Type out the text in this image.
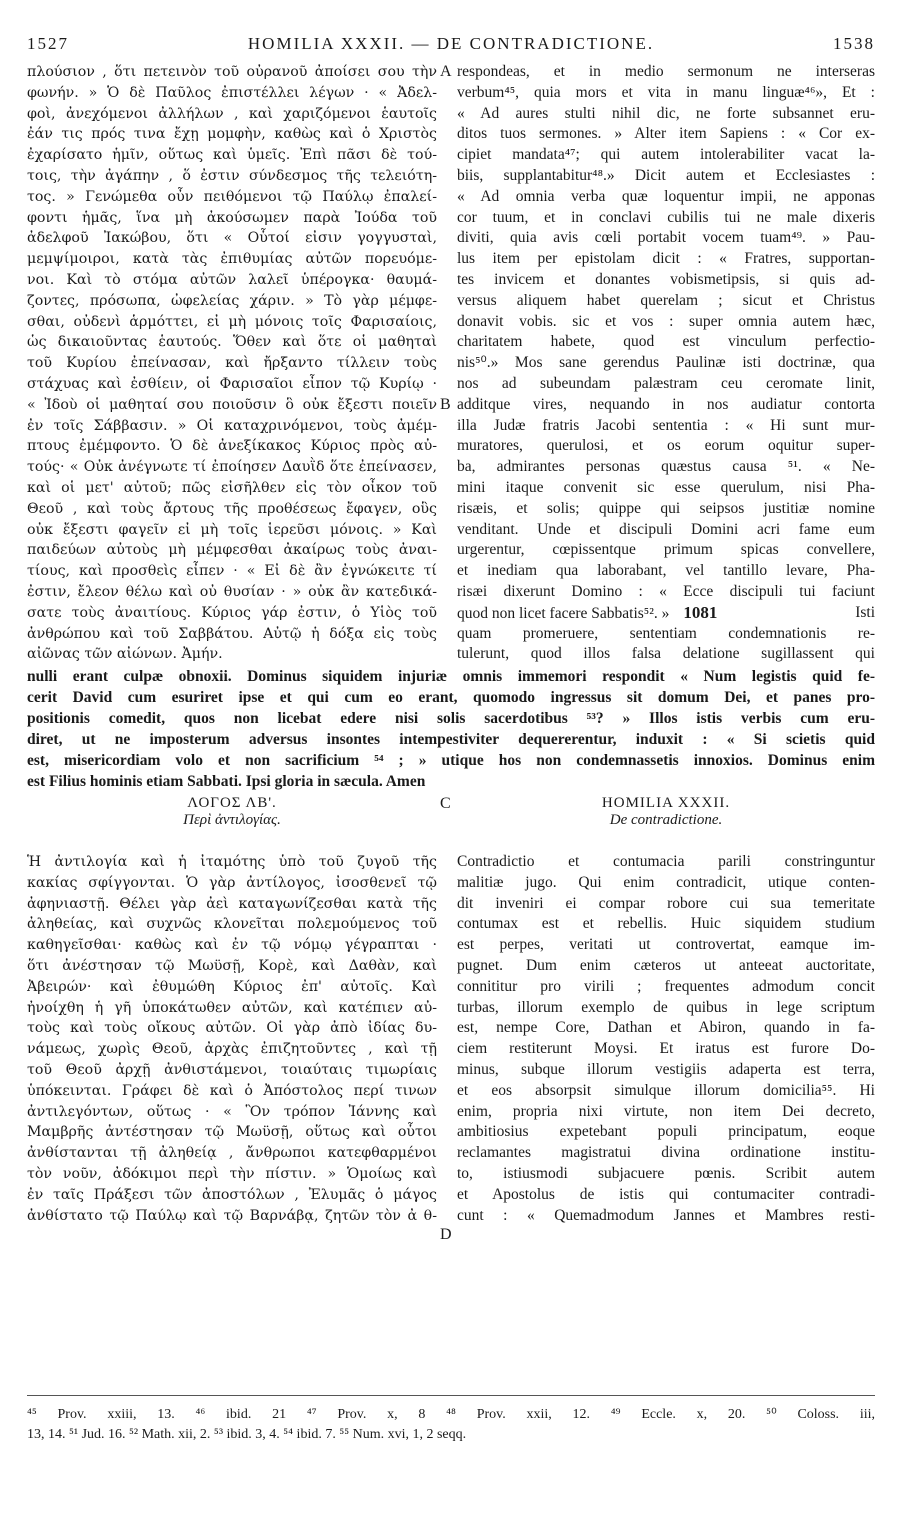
1527	HOMILIA XXXII. — DE CONTRADICTIONE.	1538
πλούσιον , ὅτι πετεινὸν τοῦ οὐρανοῦ ἀποίσει σου τὴν
φωνήν. » Ὁ δὲ Παῦλος ἐπιστέλλει λέγων · « Ἀδελ-
φοὶ, ἀνεχόμενοι ἀλλήλων , καὶ χαριζόμενοι ἑαυτοῖς
ἐάν τις πρός τινα ἔχῃ μομφὴν, καθὼς καὶ ὁ Χριστὸς
ἐχαρίσατο ἡμῖν, οὕτως καὶ ὑμεῖς. Ἐπὶ πᾶσι δὲ τού-
τοις, τὴν ἀγάπην , ὅ ἐστιν σύνδεσμος τῆς τελειότη-
τος. » Γενώμεθα οὖν πειθόμενοι τῷ Παύλῳ ἐπαλεί-
φοντι ἡμᾶς, ἵνα μὴ ἀκούσωμεν παρὰ Ἰούδα τοῦ
ἀδελφοῦ Ἰακώβου, ὅτι « Οὗτοί εἰσιν γογγυσταὶ,
μεμψίμοιροι, κατὰ τὰς ἐπιθυμίας αὐτῶν πορευόμε-
νοι. Καὶ τὸ στόμα αὐτῶν λαλεῖ ὑπέρογκα· θαυμά-
ζοντες, πρόσωπα, ὠφελείας χάριν. » Τὸ γὰρ μέμφε-
σθαι, οὐδενὶ ἁρμόττει, εἰ μὴ μόνοις τοῖς Φαρισαίοις,
ὡς δικαιοῦντας ἑαυτούς. Ὅθεν καὶ ὅτε οἱ μαθηταὶ
τοῦ Κυρίου ἐπείνασαν, καὶ ἤρξαντο τίλλειν τοὺς
στάχυας καὶ ἐσθίειν, οἱ Φαρισαῖοι εἶπον τῷ Κυρίῳ ·
« Ἰδοὺ οἱ μαθηταί σου ποιοῦσιν ὃ οὐκ ἔξεστι ποιεῖν
ἐν τοῖς Σάββασιν. » Οἱ καταχρινόμενοι, τοὺς ἀμέμ-
πτους ἐμέμφοντο. Ὁ δὲ ἀνεξίκακος Κύριος πρὸς αὐ-
τούς· « Οὐκ ἀνέγνωτε τί ἐποίησεν Δαυῒδ ὅτε ἐπείνασεν,
καὶ οἱ μετ' αὐτοῦ; πῶς εἰσῆλθεν εἰς τὸν οἶκον τοῦ
Θεοῦ , καὶ τοὺς ἄρτους τῆς προθέσεως ἔφαγεν, οὓς
οὐκ ἔξεστι φαγεῖν εἰ μὴ τοῖς ἱερεῦσι μόνοις. » Καὶ
παιδεύων αὐτοὺς μὴ μέμφεσθαι ἀκαίρως τοὺς ἀναι-
τίους, καὶ προσθεὶς εἶπεν · « Εἰ δὲ ἂν ἐγνώκειτε τί
ἐστιν, ἔλεον θέλω καὶ οὐ θυσίαν · » οὐκ ἂν κατεδικά-
σατε τοὺς ἀναιτίους. Κύριος γάρ ἐστιν, ὁ Υἱὸς τοῦ
ἀνθρώπου καὶ τοῦ Σαββάτου. Αὐτῷ ἡ δόξα εἰς τοὺς
αἰῶνας τῶν αἰώνων. Ἀμήν.
respondeas, et in medio sermonum ne interseras
verbum⁴⁵, quia mors et vita in manu linguæ⁴⁶», Et :
« Ad aures stulti nihil dic, ne forte subsannet eru-
ditos tuos sermones. » Alter item Sapiens : « Cor ex-
cipiet mandata⁴⁷; qui autem intolerabiliter vacat la-
biis, supplantabitur⁴⁸.» Dicit autem et Ecclesiastes :
« Ad omnia verba quæ loquentur impii, ne apponas
cor tuum, et in conclavi cubilis tui ne male dixeris
diviti, quia avis cœli portabit vocem tuam⁴⁹. » Pau-
lus item per epistolam dicit : « Fratres, supportan-
tes invicem et donantes vobismetipsis, si quis ad-
versus aliquem habet querelam ; sicut et Christus
donavit vobis. sic et vos : super omnia autem hæc,
charitatem habete, quod est vinculum perfectio-
nis⁵⁰.» Mos sane gerendus Paulinæ isti doctrinæ, qua
nos ad subeundam palæstram ceu ceromate linit,
additque vires, nequando in nos audiatur contorta
illa Judæ fratris Jacobi sententia : « Hi sunt mur-
muratores, querulosi, et os eorum oquitur super-
ba, admirantes personas quæstus causa ⁵¹. « Ne-
mini itaque convenit sic esse querulum, nisi Pha-
risæis, et solis; quippe qui seipsos justitiæ nomine
venditant. Unde et discipuli Domini acri fame eum
urgerentur, cœpissentque primum spicas convellere,
et inediam qua laborabant, vel tantillo levare, Pha-
risæi dixerunt Domino : « Ecce discipuli tui faciunt
quod non licet facere Sabbatis⁵². » 1081	Isti
quam promeruere, sententiam condemnationis re-
tulerunt, quod illos falsa delatione sugillassent qui
A
B
nulli erant culpæ obnoxii. Dominus siquidem injuriæ omnis immemori respondit « Num legistis quid fe-
cerit David cum esuriret ipse et qui cum eo erant, quomodo ingressus sit domum Dei, et panes pro-
positionis comedit, quos non licebat edere nisi solis sacerdotibus ⁵³? » Illos istis verbis cum eru-
diret, ut ne imposterum adversus insontes intempestiviter dequererentur, induxit : « Si scietis quid
est, misericordiam volo et non sacrificium ⁵⁴ ; » utique hos non condemnassetis innoxios. Dominus enim
est Filius hominis etiam Sabbati. Ipsi gloria in sæcula. Amen
ΛΟΓΟΣ ΛΒ'.
Περὶ ἀντιλογίας.
C	HOMILIA XXXII.
De contradictione.
Ἡ ἀντιλογία καὶ ἡ ἰταμότης ὑπὸ τοῦ ζυγοῦ τῆς
κακίας σφίγγονται. Ὁ γὰρ ἀντίλογος, ἰσοσθενεῖ τῷ
ἀφηνιαστῇ. Θέλει γὰρ ἀεὶ καταγωνίζεσθαι κατὰ τῆς
ἀληθείας, καὶ συχνῶς κλονεῖται πολεμούμενος τοῦ
καθηγεῖσθαι· καθὼς καὶ ἐν τῷ νόμῳ γέγραπται ·
ὅτι ἀνέστησαν τῷ Μωϋσῇ, Κορὲ, καὶ Δαθὰν, καὶ
Ἀβειρών· καὶ ἐθυμώθη Κύριος ἐπ' αὐτοῖς. Καὶ
ἠνοίχθη ἡ γῆ ὑποκάτωθεν αὐτῶν, καὶ κατέπιεν αὐ-
τοὺς καὶ τοὺς οἴκους αὐτῶν. Οἱ γὰρ ἀπὸ ἰδίας δυ-
νάμεως, χωρὶς Θεοῦ, ἀρχὰς ἐπιζητοῦντες , καὶ τῇ
τοῦ Θεοῦ ἀρχῇ ἀνθιστάμενοι, τοιαύταις τιμωρίαις
ὑπόκεινται. Γράφει δὲ καὶ ὁ Ἀπόστολος περί τινων
ἀντιλεγόντων, οὕτως · « Ὃν τρόπον Ἰάννης καὶ
Μαμβρῆς ἀντέστησαν τῷ Μωϋσῇ, οὕτως καὶ οὗτοι
ἀνθίστανται τῇ ἀληθείᾳ , ἄνθρωποι κατεφθαρμένοι
τὸν νοῦν, ἀδόκιμοι περὶ τὴν πίστιν. » Ὁμοίως καὶ
ἐν ταῖς Πράξεσι τῶν ἀποστόλων , Ἐλυμᾶς ὁ μάγος
ἀνθίστατο τῷ Παύλῳ καὶ τῷ Βαρνάβᾳ, ζητῶν τὸν ἀ θ-
Contradictio et contumacia parili constringuntur
malitiæ jugo. Qui enim contradicit, utique conten-
dit inveniri ei compar robore cui sua temeritate
contumax est et rebellis. Huic siquidem studium
est perpes, veritati ut controvertat, eamque im-
pugnet. Dum enim cæteros ut anteeat auctoritate,
connititur pro virili ; frequentes admodum concit
turbas, illorum exemplo de quibus in lege scriptum
est, nempe Core, Dathan et Abiron, quando in fa-
ciem restiterunt Moysi. Et iratus est furore Do-
minus, subque illorum vestigiis adaperta est terra,
et eos absorpsit simulque illorum domicilia⁵⁵. Hi
enim, propria nixi virtute, non item Dei decreto,
ambitiosius expetebant populi principatum, eoque
reclamantes magistratui divina ordinatione institu-
to, istiusmodi subjacuere pœnis. Scribit autem
et Apostolus de istis qui contumaciter contradi-
cunt : « Quemadmodum Jannes et Mambres resti-
D
⁴⁵ Prov. xxiii, 13. ⁴⁶ ibid. 21 ⁴⁷ Prov. x, 8 ⁴⁸ Prov. xxii, 12. ⁴⁹ Eccle. x, 20. ⁵⁰ Coloss. iii,
13, 14. ⁵¹ Jud. 16. ⁵² Math. xii, 2. ⁵³ ibid. 3, 4. ⁵⁴ ibid. 7. ⁵⁵ Num. xvi, 1, 2 seqq.
